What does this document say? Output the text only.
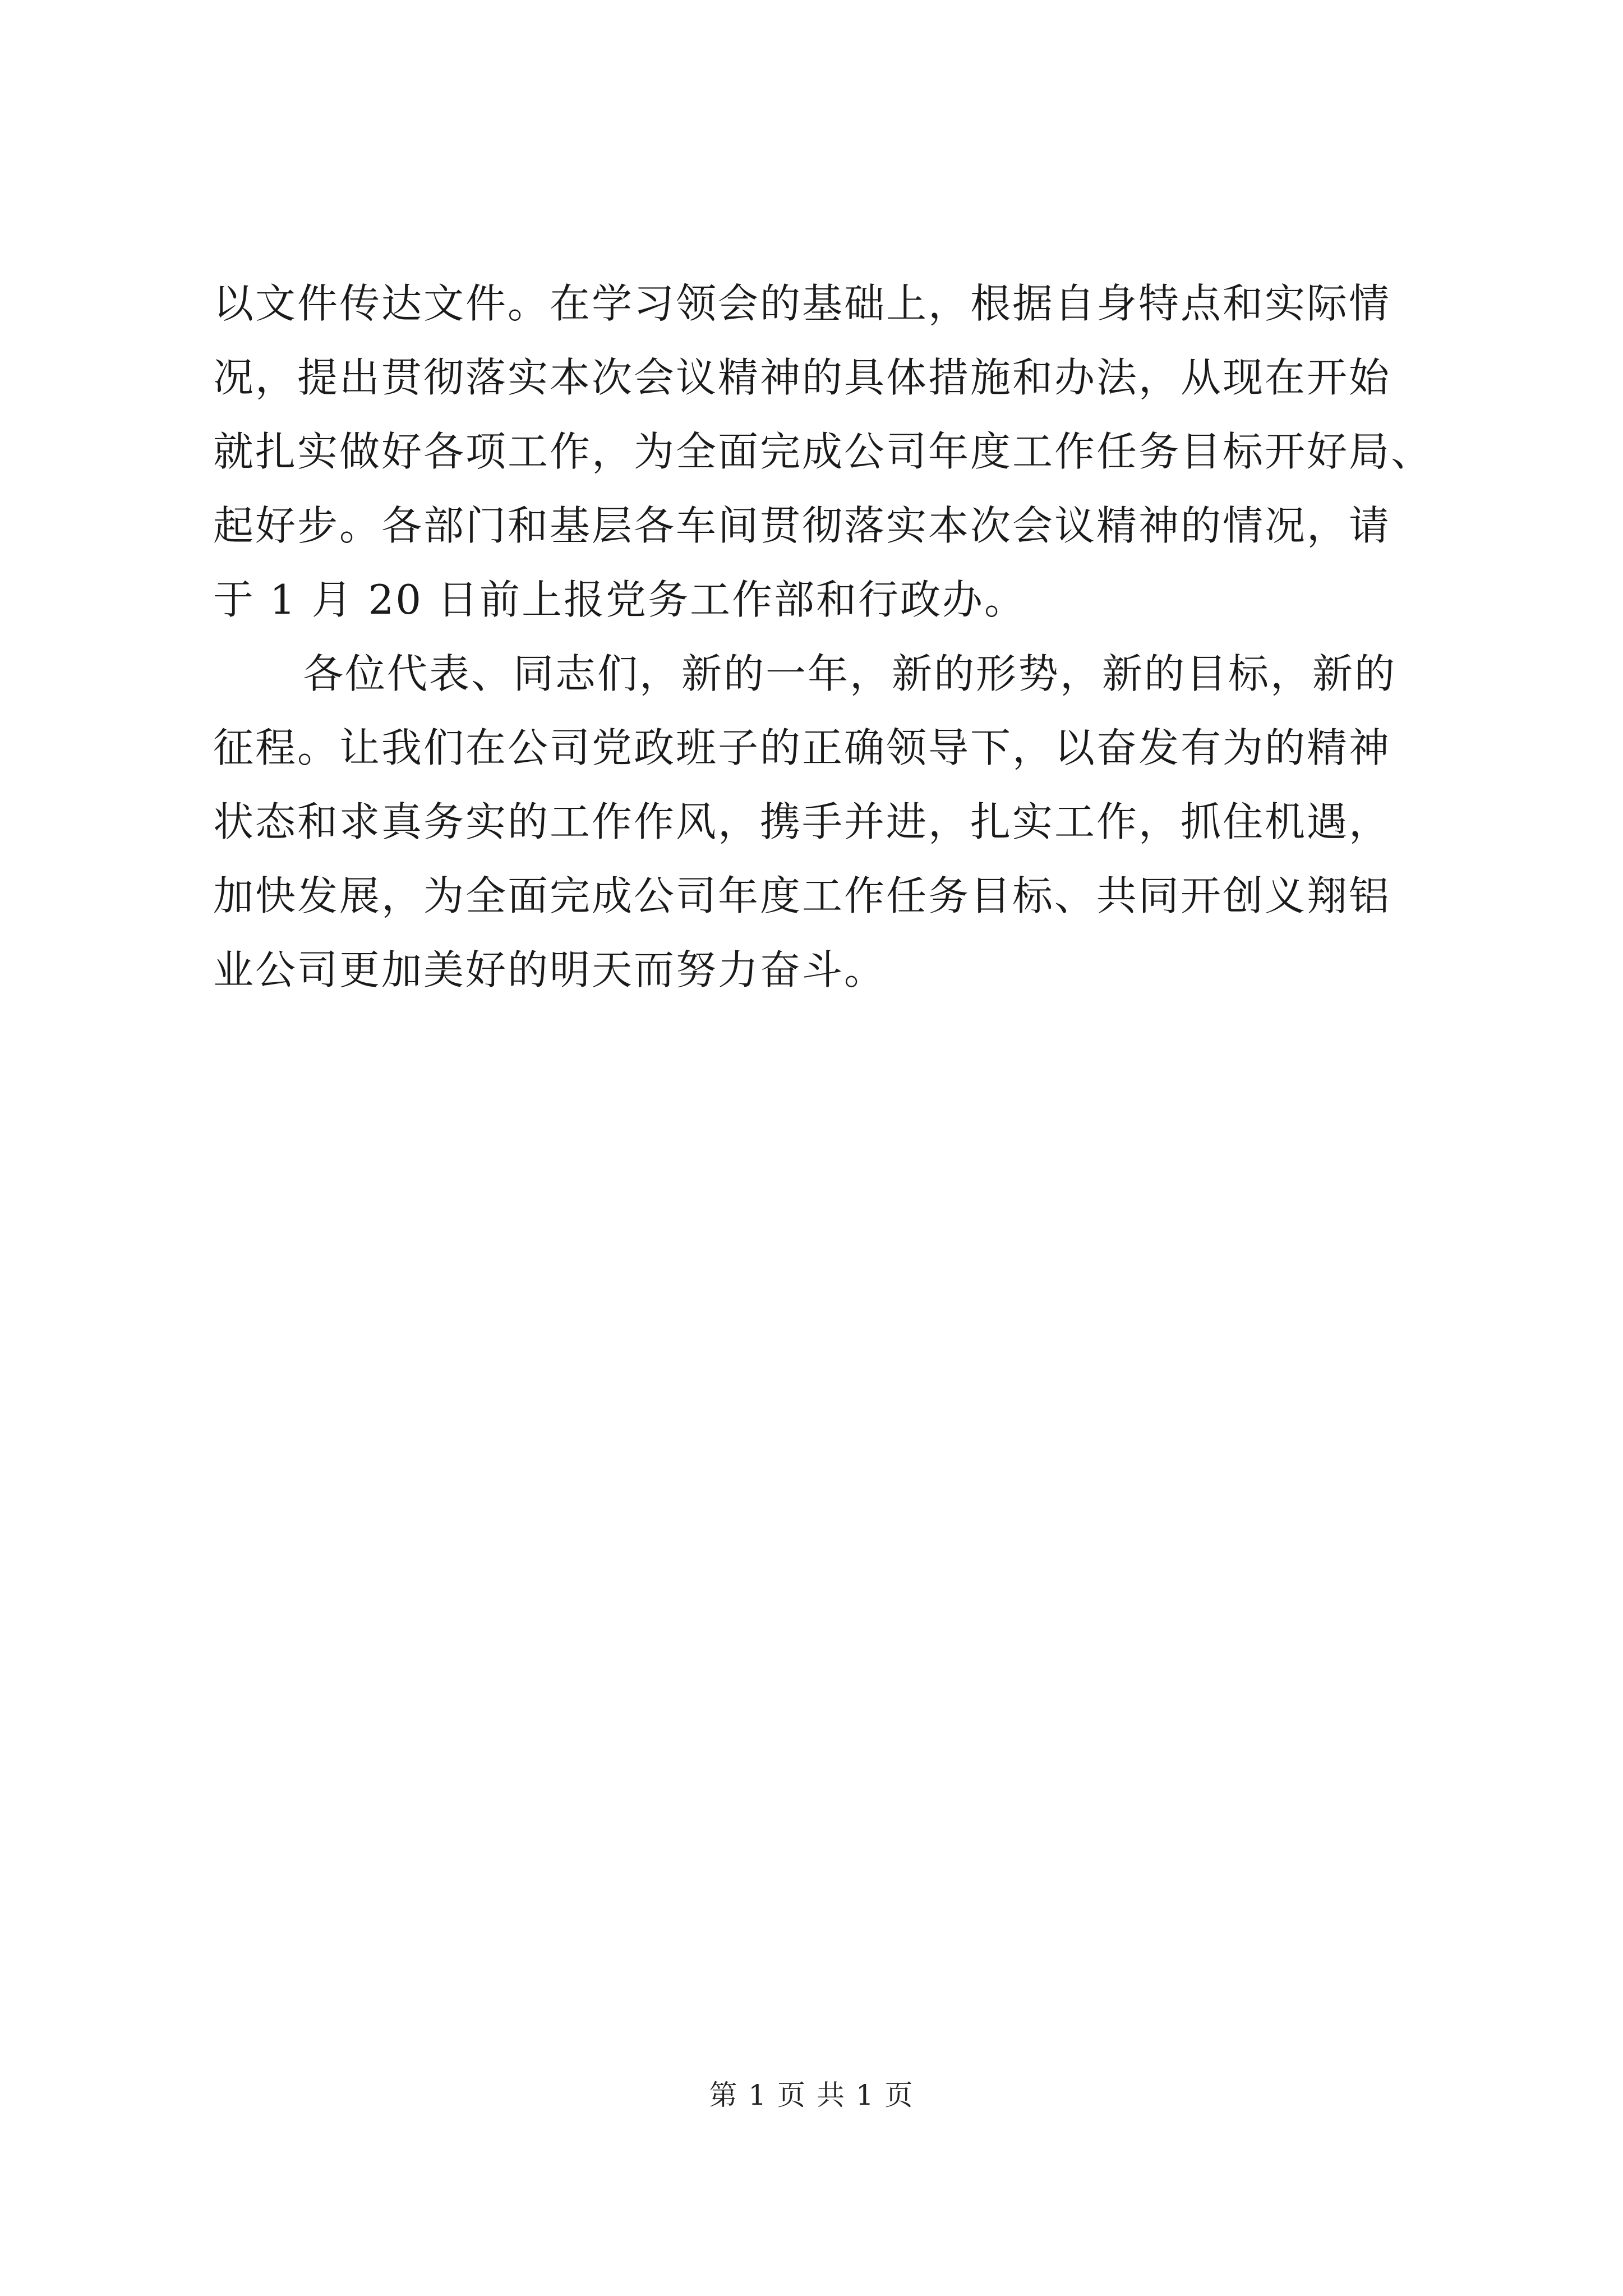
以文件传达文件。在学习领会的基础上，根据自身特点和实际情
况，提出贯彻落实本次会议精神的具体措施和办法，从现在开始
就扎实做好各项工作，为全面完成公司年度工作任务目标开好局、
起好步。各部门和基层各车间贯彻落实本次会议精神的情况，请
于 1 月 20 日前上报党务工作部和行政办。
各位代表、同志们，新的一年，新的形势，新的目标，新的
征程。让我们在公司党政班子的正确领导下，以奋发有为的精神
状态和求真务实的工作作风，携手并进，扎实工作，抓住机遇，
加快发展，为全面完成公司年度工作任务目标、共同开创义翔铝
业公司更加美好的明天而努力奋斗。
第 1 页 共 1 页
